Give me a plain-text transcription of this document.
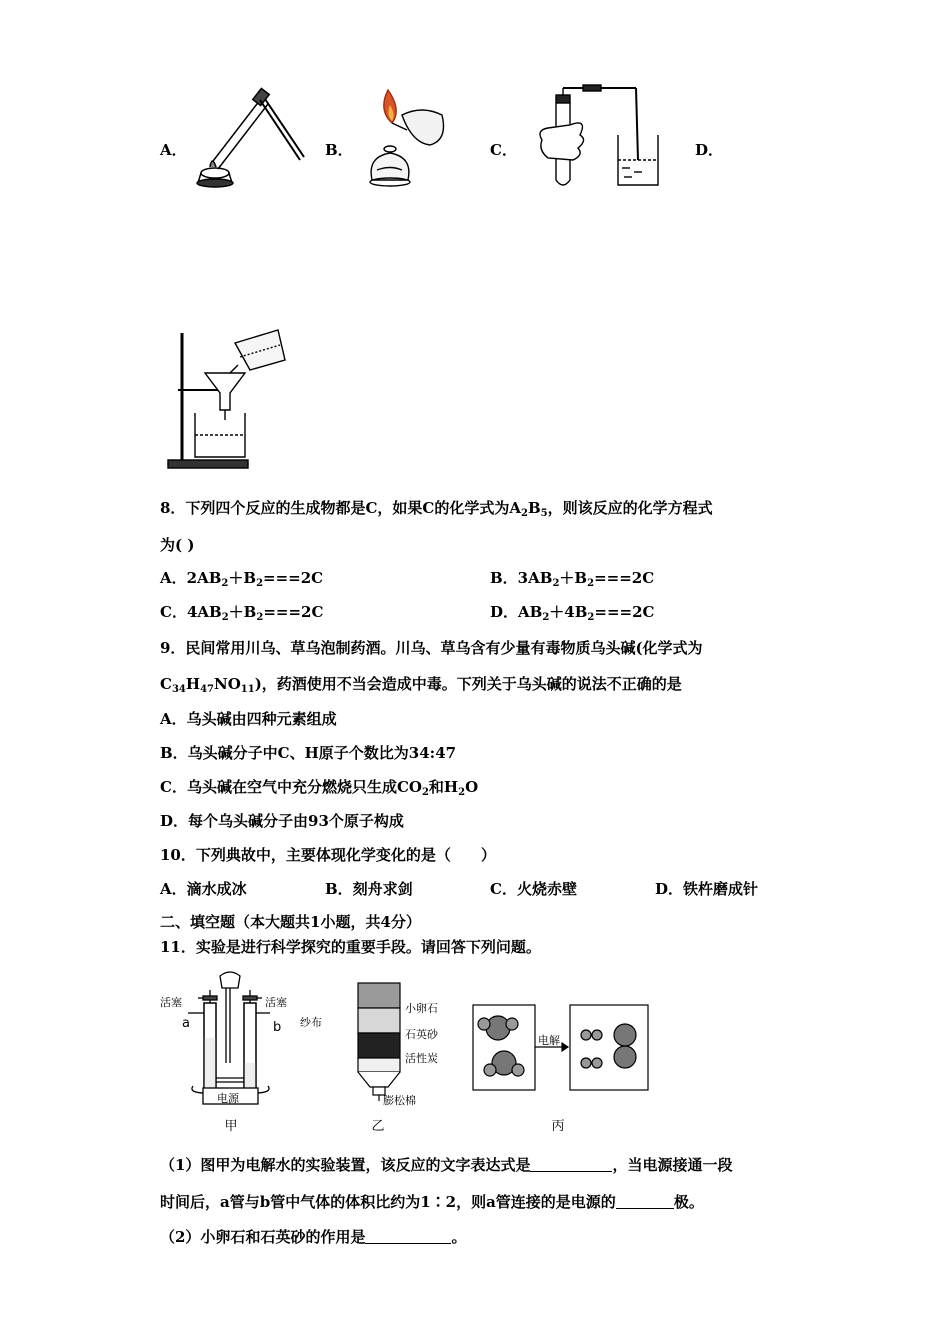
A．	B．	C．	D．
8．下列四个反应的生成物都是C，如果C的化学式为$A_2B_5$，则该反应的化学方程式
为( )
A．$2AB_2+B_2===2C$	B．$3AB_2+B_2===2C$
C．$4AB_2+B_2===2C$	D．$AB_2+4B_2===2C$
9．民间常用川乌、草乌泡制药酒。川乌、草乌含有少量有毒物质乌头碱(化学式为
$C_{34}H_{47}NO_{11}$)，药酒使用不当会造成中毒。下列关于乌头碱的说法不正确的是
A．乌头碱由四种元素组成
B．乌头碱分子中C、H原子个数比为34:47
C．乌头碱在空气中充分燃烧只生成$CO_2$和$H_2O$
D．每个乌头碱分子由93个原子构成
10．下列典故中，主要体现化学变化的是（　　）
A．滴水成冰	B．刻舟求剑	C．火烧赤壁	D．铁杵磨成针
二、填空题（本大题共1小题，共4分）
11．实验是进行科学探究的重要手段。请回答下列问题。
活塞	活塞
a	b
电源
甲
纱布
小卵石
石英砂
活性炭
膨松棉
乙
电解
丙
（1）图甲为电解水的实验装置，该反应的文字表达式是	，当电源接通一段
时间后，a管与b管中气体的体积比约为1∶2，则a管连接的是电源的	极。
（2）小卵石和石英砂的作用是	。
